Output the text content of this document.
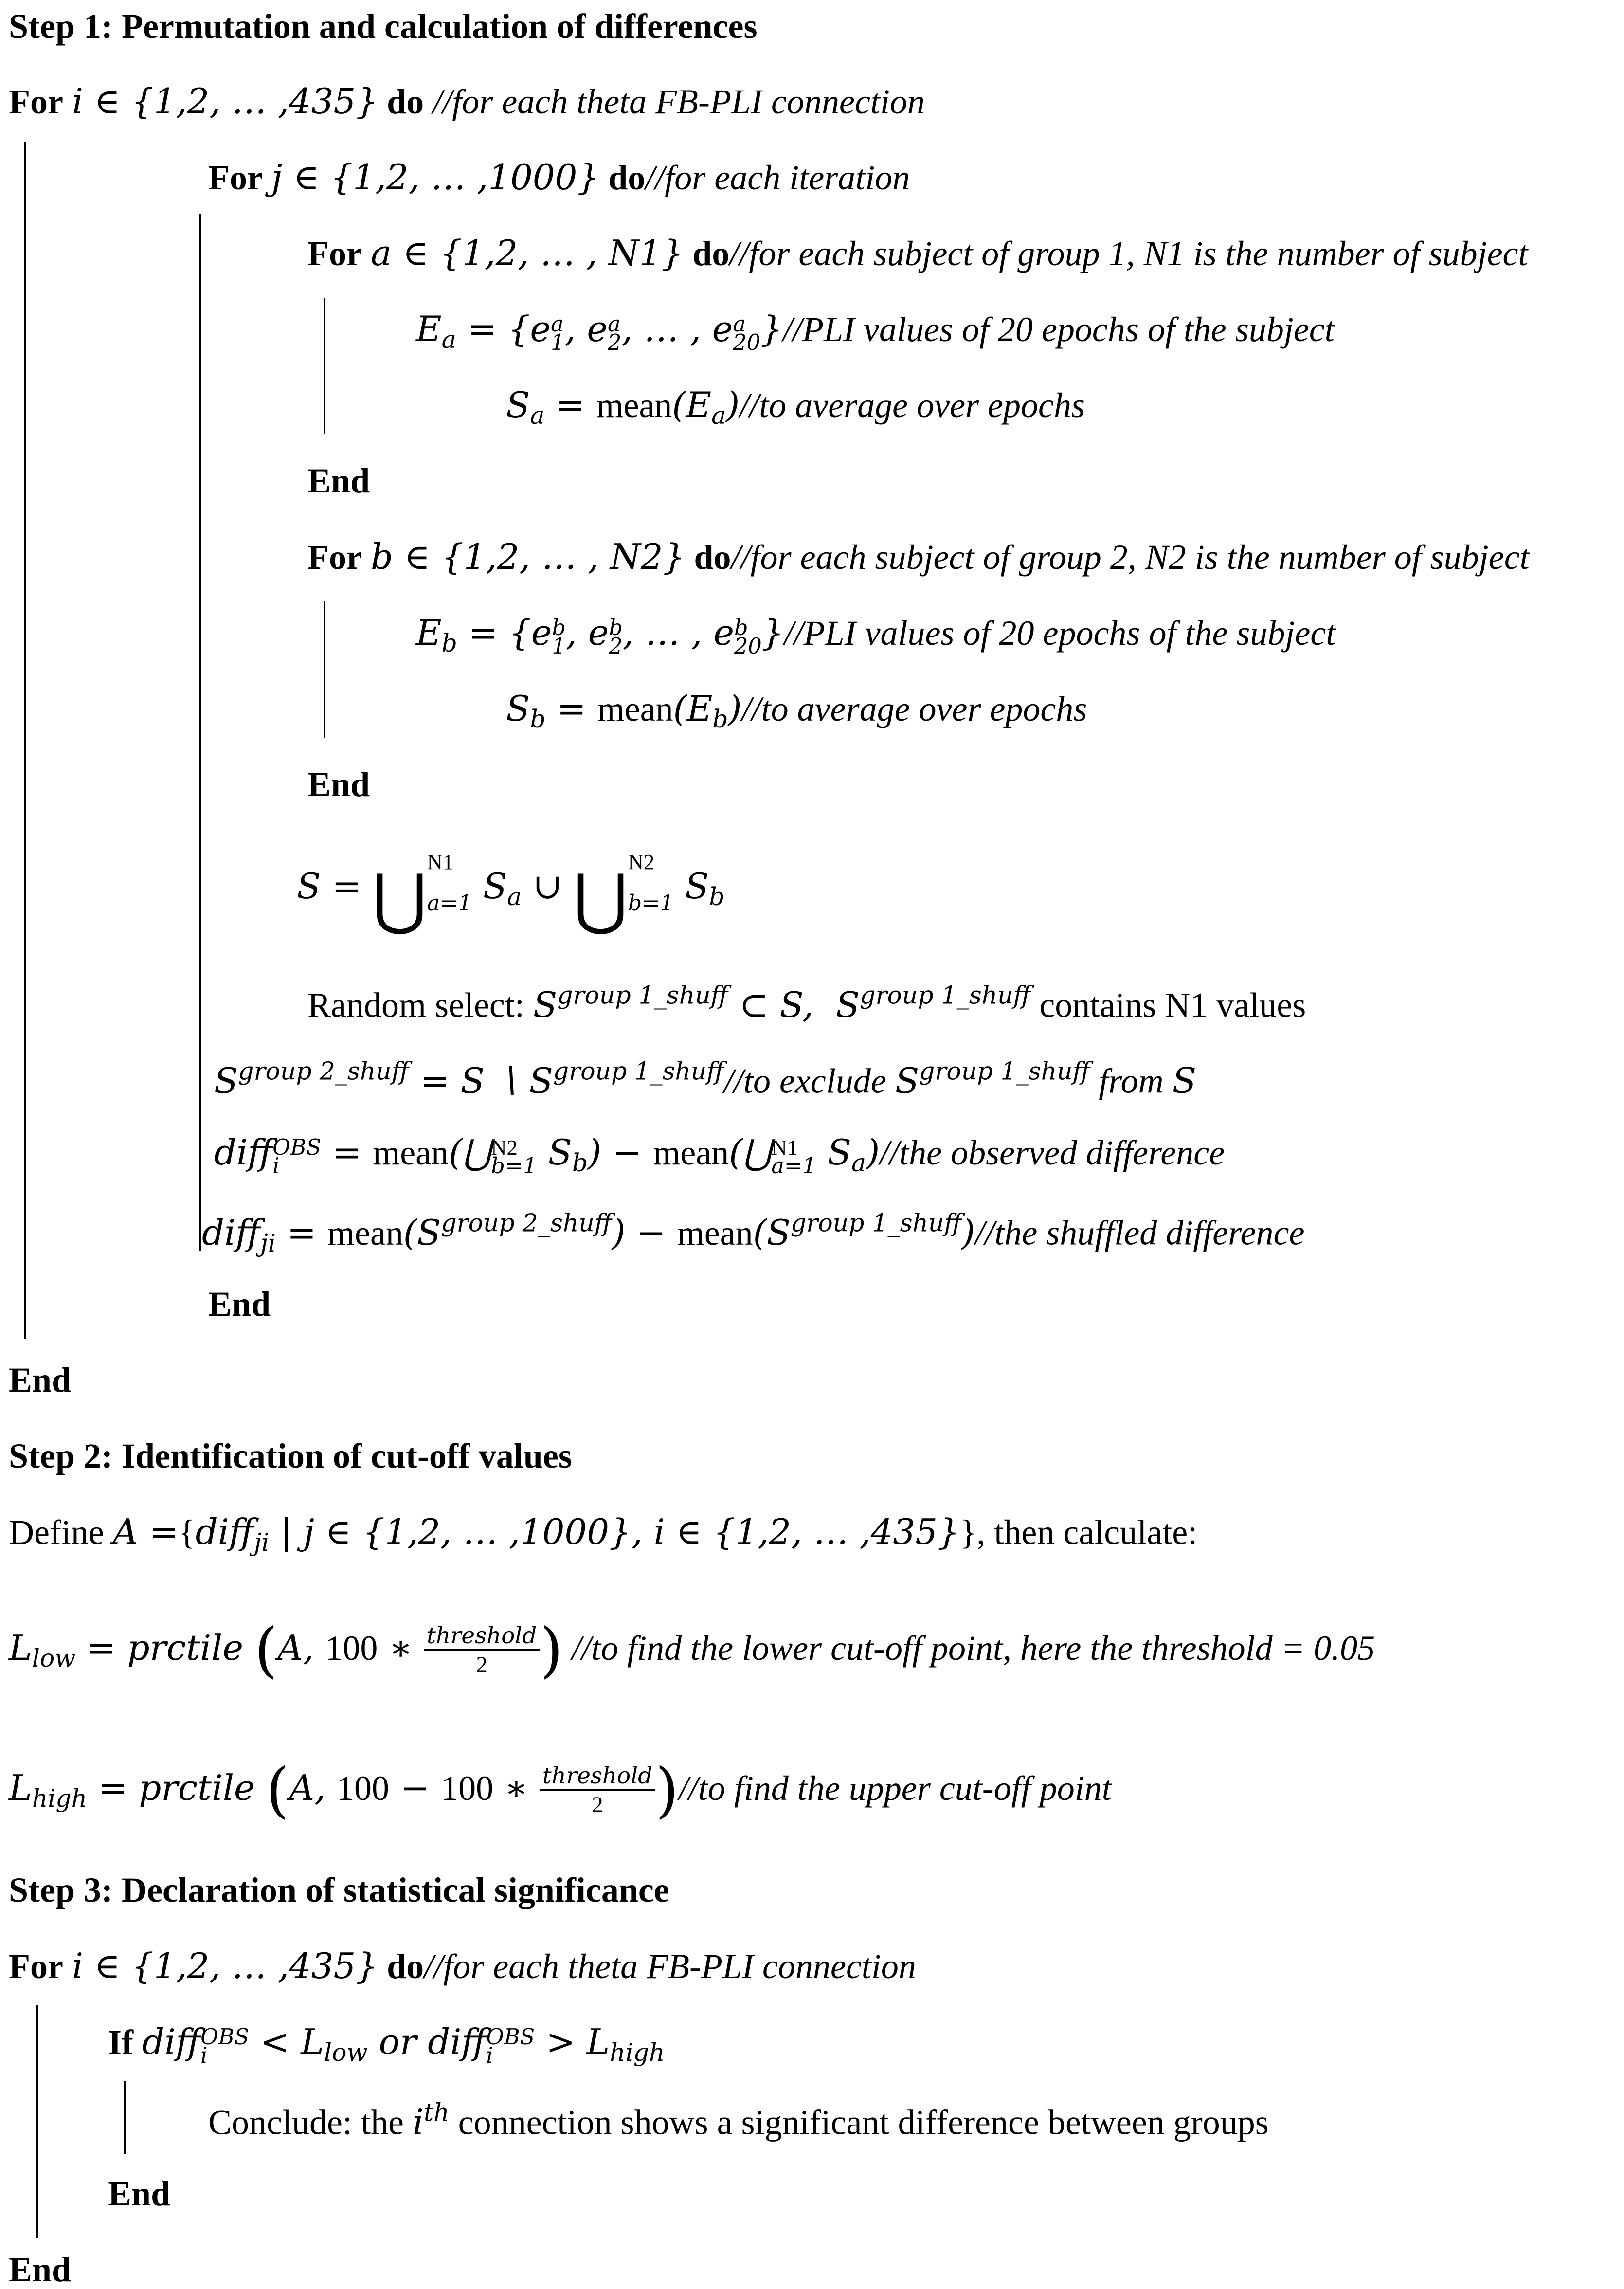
Step 1: Permutation and calculation of differences
For i ∈ {1,2, … ,435} do //for each theta FB-PLI connection
For j ∈ {1,2, … ,1000} do//for each iteration
For a ∈ {1,2, … , N1} do//for each subject of group 1, N1 is the number of subject
$E_a = \{e$ a
1 , e a
2 , … , e a
20 }//PLI values of 20 epochs of the subject
$S_a$ = $mean(E_a)//to$ average over epochs
End
For b ∈ {1,2, … , N2} do//for each subject of group 2, N2 is the number of subject
$E_b = \{e$ b
1 , e b
2 , … , e b
20 }//PLI values of 20 epochs of the subject
$S_b$ = $mean(E_b)//to$ average over epochs
End
S = ⋃ N1
a=1 $S_a$ ∪ ⋃ N2
b=1 $S_b$
Random select: $S^{group 1\_shuff}$ ⊂ S,  $S^{group 1\_shuff}$ contains N1 values
$S^{group 2\_shuff} = S$ ∖ $S^{group 1\_shuff}//to$ exclude $S^{group 1\_shuff}$ from S
diff OBS
i	= mean(⋃ N2
b=1 $S_b$) − mean(⋃ N1
a=1 $S_a)/$/the observed difference
diff$_{ji}$ = $mean(S^{group 2\_shuff})$ − $mean(S^{group 1\_shuff})/$/the shuffled difference
End
End
Step 2: Identification of cut-off values
Define A ={diff$_{ji}$ | j ∈ {1,2, … ,1000}, i ∈ {1,2, … ,435}}, then calculate:
$L_{low}$ = prctile (A, 100 ∗ $\frac{\text{threshold}}{2}$ ) //to find the lower cut-off point, here the threshold = 0.05
$L_{high}$ = prctile (A, 100 − 100 ∗ $\frac{\text{threshold}}{2} )//to$ find the upper cut-off point
Step 3: Declaration of statistical significance
For i ∈ {1,2, … ,435} do//for each theta FB-PLI connection
If diff OBS
i	< $L_{low}$ or diff OBS
i	> $L_{high}$
Conclude: the $i^{th}$ connection shows a significant difference between groups
End
End
